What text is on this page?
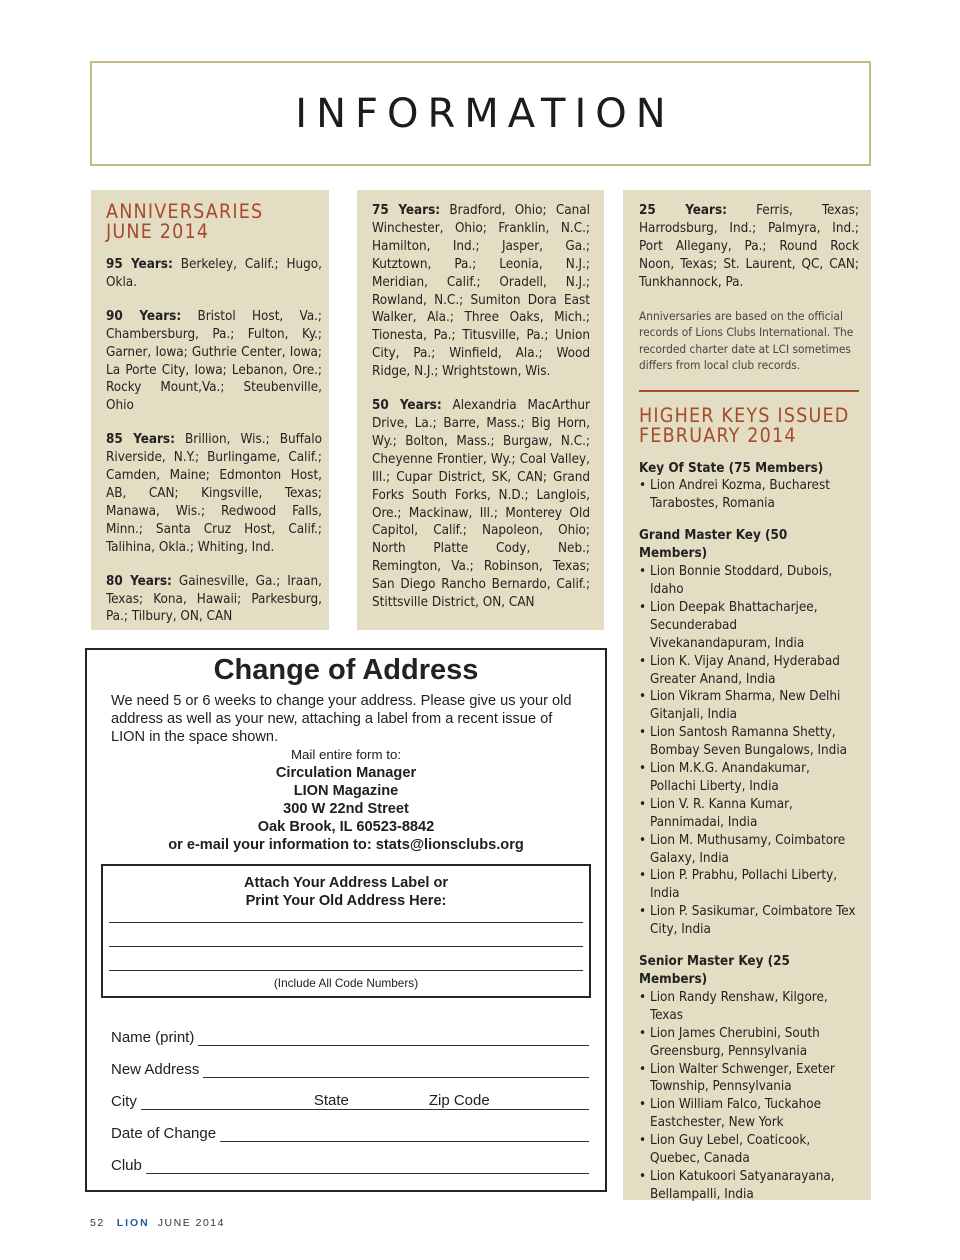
INFORMATION
ANNIVERSARIES
JUNE 2014

95 Years: Berkeley, Calif.; Hugo, Okla.

90 Years: Bristol Host, Va.; Chambersburg, Pa.; Fulton, Ky.; Garner, Iowa; Guthrie Center, Iowa; La Porte City, Iowa; Lebanon, Ore.; Rocky Mount,Va.; Steubenville, Ohio

85 Years: Brillion, Wis.; Buffalo Riverside, N.Y.; Burlingame, Calif.; Camden, Maine; Edmonton Host, AB, CAN; Kingsville, Texas; Manawa, Wis.; Redwood Falls, Minn.; Santa Cruz Host, Calif.; Talihina, Okla.; Whiting, Ind.

80 Years: Gainesville, Ga.; Iraan, Texas; Kona, Hawaii; Parkesburg, Pa.; Tilbury, ON, CAN

75 Years: Bradford, Ohio; Canal Winchester, Ohio; Franklin, N.C.; Hamilton, Ind.; Jasper, Ga.; Kutztown, Pa.; Leonia, N.J.; Meridian, Calif.; Oradell, N.J.; Rowland, N.C.; Sumiton Dora East Walker, Ala.; Three Oaks, Mich.; Tionesta, Pa.; Titusville, Pa.; Union City, Pa.; Winfield, Ala.; Wood Ridge, N.J.; Wrightstown, Wis.

50 Years: Alexandria MacArthur Drive, La.; Barre, Mass.; Big Horn, Wy.; Bolton, Mass.; Burgaw, N.C.; Cheyenne Frontier, Wy.; Coal Valley, Ill.; Cupar District, SK, CAN; Grand Forks South Forks, N.D.; Langlois, Ore.; Mackinaw, Ill.; Monterey Old Capitol, Calif.; Napoleon, Ohio; North Platte Cody, Neb.; Remington, Va.; Robinson, Texas; San Diego Rancho Bernardo, Calif.; Stittsville District, ON, CAN

25 Years: Ferris, Texas; Harrodsburg, Ind.; Palmyra, Ind.; Port Allegany, Pa.; Round Rock Noon, Texas; St. Laurent, QC, CAN; Tunkhannock, Pa.

Anniversaries are based on the official records of Lions Clubs International. The recorded charter date at LCI sometimes differs from local club records.

HIGHER KEYS ISSUED
FEBRUARY 2014
Key Of State (75 Members)
• Lion Andrei Kozma, Bucharest Tarabostes, Romania
Grand Master Key (50 Members)
• Lion Bonnie Stoddard, Dubois, Idaho
• Lion Deepak Bhattacharjee, Secunderabad Vivekanandapuram, India
• Lion K. Vijay Anand, Hyderabad Greater Anand, India
• Lion Vikram Sharma, New Delhi Gitanjali, India
• Lion Santosh Ramanna Shetty, Bombay Seven Bungalows, India
• Lion M.K.G. Anandakumar, Pollachi Liberty, India
• Lion V. R. Kanna Kumar, Pannimadai, India
• Lion M. Muthusamy, Coimbatore Galaxy, India
• Lion P. Prabhu, Pollachi Liberty, India
• Lion P. Sasikumar, Coimbatore Tex City, India
Senior Master Key (25 Members)
• Lion Randy Renshaw, Kilgore, Texas
• Lion James Cherubini, South Greensburg, Pennsylvania
• Lion Walter Schwenger, Exeter Township, Pennsylvania
• Lion William Falco, Tuckahoe Eastchester, New York
• Lion Guy Lebel, Coaticook, Quebec, Canada
• Lion Katukoori Satyanarayana, Bellampalli, India
Change of Address

We need 5 or 6 weeks to change your address. Please give us your old address as well as your new, attaching a label from a recent issue of LION in the space shown.

Mail entire form to:
Circulation Manager
LION Magazine
300 W 22nd Street
Oak Brook, IL 60523-8842
or e-mail your information to: stats@lionsclubs.org
Attach Your Address Label or
Print Your Old Address Here:
(Include All Code Numbers)
Name (print)
New Address
City	State	Zip Code
Date of Change
Club
52 LION JUNE 2014
